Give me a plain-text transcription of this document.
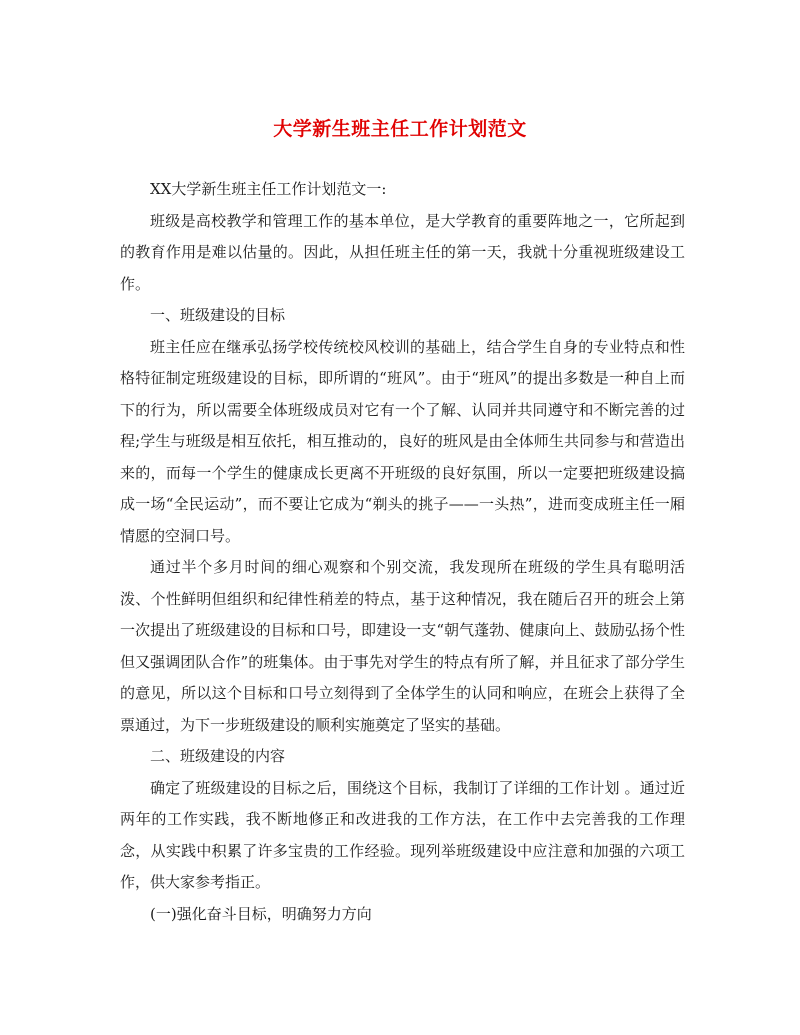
大学新生班主任工作计划范文

XX大学新生班主任工作计划范文一:

班级是高校教学和管理工作的基本单位，是大学教育的重要阵地之一，它所起到的教育作用是难以估量的。因此，从担任班主任的第一天，我就十分重视班级建设工作。

一、班级建设的目标

班主任应在继承弘扬学校传统校风校训的基础上，结合学生自身的专业特点和性格特征制定班级建设的目标，即所谓的“班风”。由于“班风”的提出多数是一种自上而下的行为，所以需要全体班级成员对它有一个了解、认同并共同遵守和不断完善的过程;学生与班级是相互依托，相互推动的，良好的班风是由全体师生共同参与和营造出来的，而每一个学生的健康成长更离不开班级的良好氛围，所以一定要把班级建设搞成一场“全民运动”，而不要让它成为“剃头的挑子——一头热”，进而变成班主任一厢情愿的空洞口号。

通过半个多月时间的细心观察和个别交流，我发现所在班级的学生具有聪明活泼、个性鲜明但组织和纪律性稍差的特点，基于这种情况，我在随后召开的班会上第一次提出了班级建设的目标和口号，即建设一支“朝气蓬勃、健康向上、鼓励弘扬个性但又强调团队合作”的班集体。由于事先对学生的特点有所了解，并且征求了部分学生的意见，所以这个目标和口号立刻得到了全体学生的认同和响应，在班会上获得了全票通过，为下一步班级建设的顺利实施奠定了坚实的基础。

二、班级建设的内容

确定了班级建设的目标之后，围绕这个目标，我制订了详细的工作计划 。通过近两年的工作实践，我不断地修正和改进我的工作方法，在工作中去完善我的工作理念，从实践中积累了许多宝贵的工作经验。现列举班级建设中应注意和加强的六项工作，供大家参考指正。

(一)强化奋斗目标，明确努力方向
